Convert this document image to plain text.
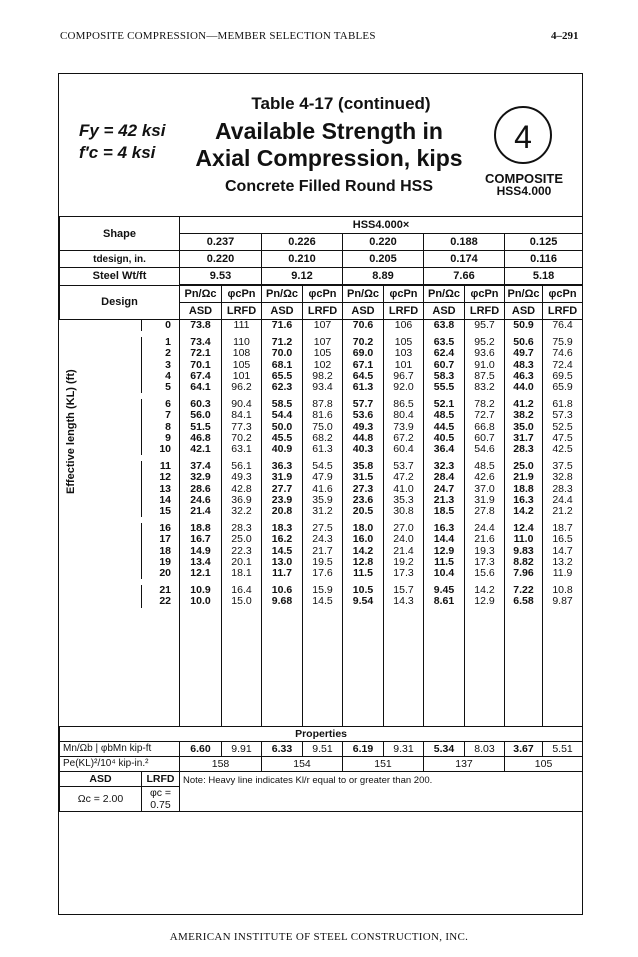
COMPOSITE COMPRESSION—MEMBER SELECTION TABLES	4–291
Fy = 42 ksi
f′c = 4 ksi
Table 4-17 (continued)
Available Strength in
Axial Compression, kips
Concrete Filled Round HSS
4
COMPOSITE
HSS4.000
Shape		HSS4.000×									
		0.237		0.226		0.220		0.188		0.125	
tdesign, in.		0.220		0.210		0.205		0.174		0.116	
Steel Wt/ft		9.53		9.12		8.89		7.66		5.18	
Design		Pn/Ωc	φcPn	Pn/Ωc	φcPn	Pn/Ωc	φcPn	Pn/Ωc	φcPn	Pn/Ωc	φcPn
		ASD	LRFD	ASD	LRFD	ASD	LRFD	ASD	LRFD	ASD	LRFD
	0	73.8	111	71.6	107	70.6	106	63.8	95.7	50.9	76.4

	1	73.4	110	71.2	107	70.2	105	63.5	95.2	50.6	75.9
	2	72.1	108	70.0	105	69.0	103	62.4	93.6	49.7	74.6
	3	70.1	105	68.1	102	67.1	101	60.7	91.0	48.3	72.4
	4	67.4	101	65.5	98.2	64.5	96.7	58.3	87.5	46.3	69.5
	5	64.1	96.2	62.3	93.4	61.3	92.0	55.5	83.2	44.0	65.9

	6	60.3	90.4	58.5	87.8	57.7	86.5	52.1	78.2	41.2	61.8
	7	56.0	84.1	54.4	81.6	53.6	80.4	48.5	72.7	38.2	57.3
	8	51.5	77.3	50.0	75.0	49.3	73.9	44.5	66.8	35.0	52.5
	9	46.8	70.2	45.5	68.2	44.8	67.2	40.5	60.7	31.7	47.5
	10	42.1	63.1	40.9	61.3	40.3	60.4	36.4	54.6	28.3	42.5

	11	37.4	56.1	36.3	54.5	35.8	53.7	32.3	48.5	25.0	37.5
	12	32.9	49.3	31.9	47.9	31.5	47.2	28.4	42.6	21.9	32.8
	13	28.6	42.8	27.7	41.6	27.3	41.0	24.7	37.0	18.8	28.3
	14	24.6	36.9	23.9	35.9	23.6	35.3	21.3	31.9	16.3	24.4
	15	21.4	32.2	20.8	31.2	20.5	30.8	18.5	27.8	14.2	21.2

	16	18.8	28.3	18.3	27.5	18.0	27.0	16.3	24.4	12.4	18.7
	17	16.7	25.0	16.2	24.3	16.0	24.0	14.4	21.6	11.0	16.5
	18	14.9	22.3	14.5	21.7	14.2	21.4	12.9	19.3	9.83	14.7
	19	13.4	20.1	13.0	19.5	12.8	19.2	11.5	17.3	8.82	13.2
	20	12.1	18.1	11.7	17.6	11.5	17.3	10.4	15.6	7.96	11.9

	21	10.9	16.4	10.6	15.9	10.5	15.7	9.45	14.2	7.22	10.8
	22	10.0	15.0	9.68	14.5	9.54	14.3	8.61	12.9	6.58	9.87

Properties											
Mn/Ωb | φbMn kip-ft		6.60	9.91	6.33	9.51	6.19	9.31	5.34	8.03	3.67	5.51
Pe(KL)²/10⁴ kip-in.²		158		154		151		137		105	
ASD	LRFD	Note: Heavy line indicates Kl/r equal to or greater than 200.									
Ωc = 2.00	φc = 0.75										
Effective length (KL) (ft)
AMERICAN INSTITUTE OF STEEL CONSTRUCTION, INC.
